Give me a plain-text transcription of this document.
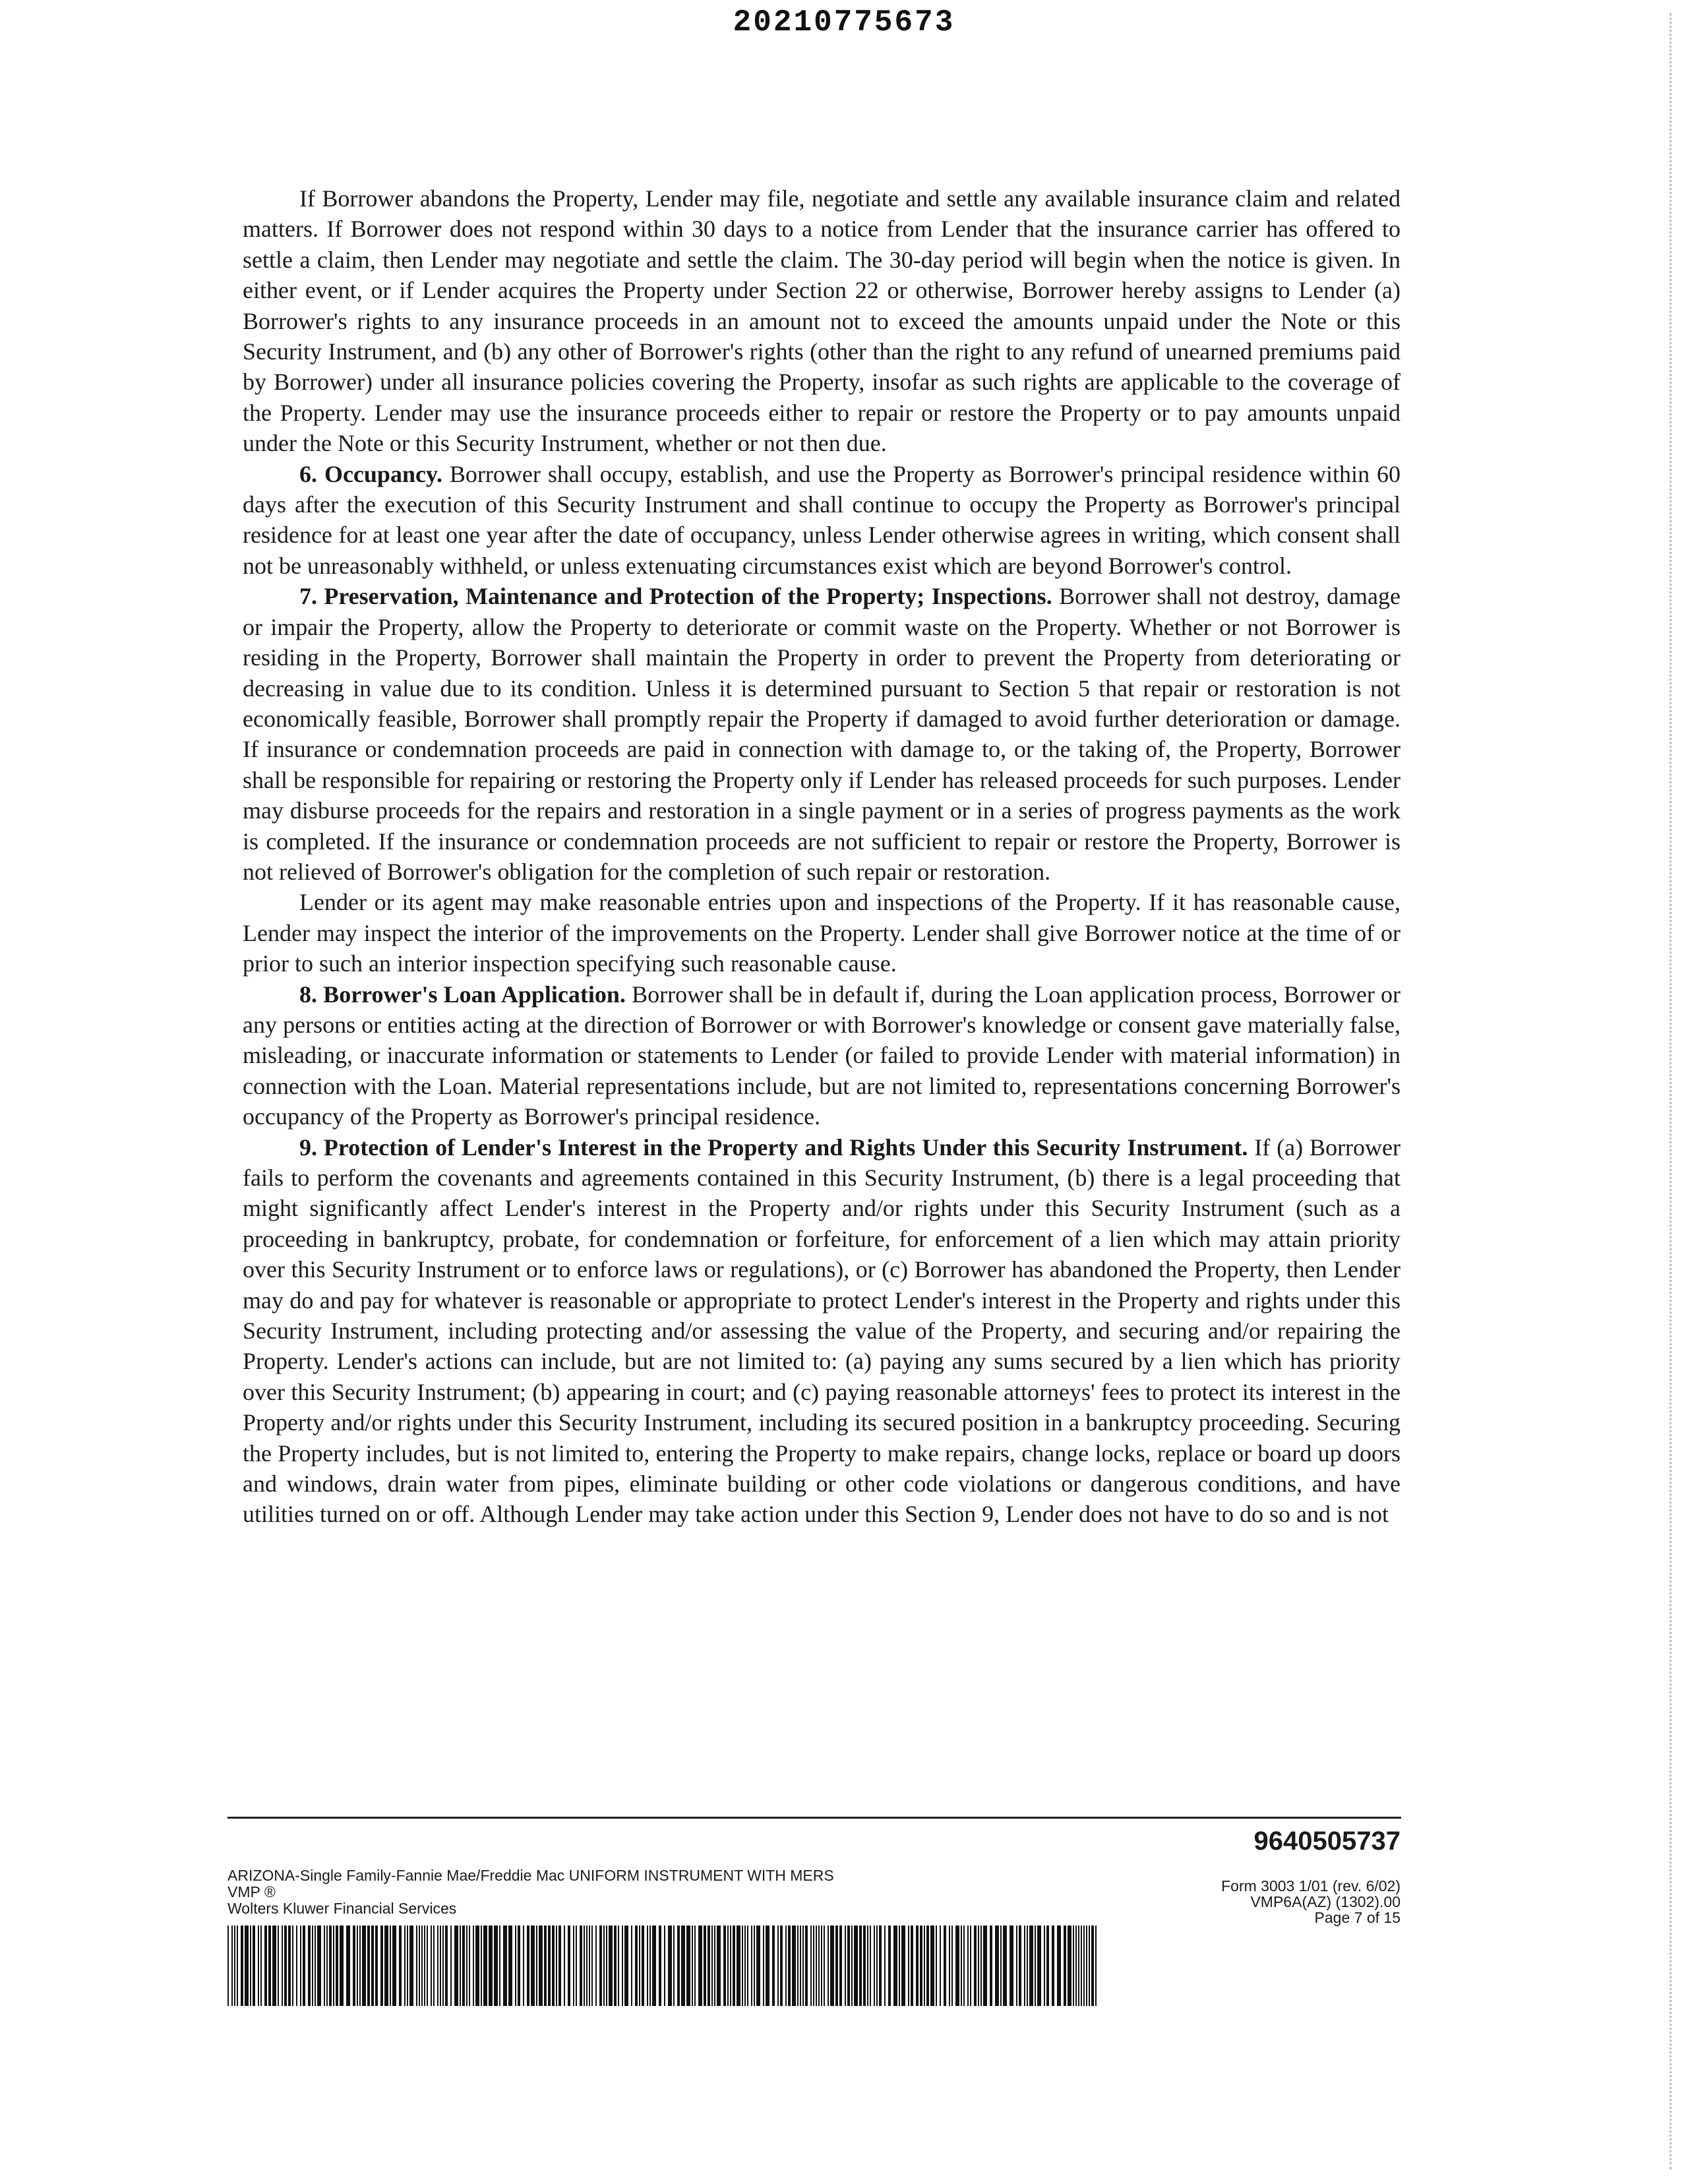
20210775673

If Borrower abandons the Property, Lender may file, negotiate and settle any available insurance claim and related matters. If Borrower does not respond within 30 days to a notice from Lender that the insurance carrier has offered to settle a claim, then Lender may negotiate and settle the claim. The 30-day period will begin when the notice is given. In either event, or if Lender acquires the Property under Section 22 or otherwise, Borrower hereby assigns to Lender (a) Borrower's rights to any insurance proceeds in an amount not to exceed the amounts unpaid under the Note or this Security Instrument, and (b) any other of Borrower's rights (other than the right to any refund of unearned premiums paid by Borrower) under all insurance policies covering the Property, insofar as such rights are applicable to the coverage of the Property. Lender may use the insurance proceeds either to repair or restore the Property or to pay amounts unpaid under the Note or this Security Instrument, whether or not then due.

6. Occupancy. Borrower shall occupy, establish, and use the Property as Borrower's principal residence within 60 days after the execution of this Security Instrument and shall continue to occupy the Property as Borrower's principal residence for at least one year after the date of occupancy, unless Lender otherwise agrees in writing, which consent shall not be unreasonably withheld, or unless extenuating circumstances exist which are beyond Borrower's control.

7. Preservation, Maintenance and Protection of the Property; Inspections. Borrower shall not destroy, damage or impair the Property, allow the Property to deteriorate or commit waste on the Property. Whether or not Borrower is residing in the Property, Borrower shall maintain the Property in order to prevent the Property from deteriorating or decreasing in value due to its condition. Unless it is determined pursuant to Section 5 that repair or restoration is not economically feasible, Borrower shall promptly repair the Property if damaged to avoid further deterioration or damage. If insurance or condemnation proceeds are paid in connection with damage to, or the taking of, the Property, Borrower shall be responsible for repairing or restoring the Property only if Lender has released proceeds for such purposes. Lender may disburse proceeds for the repairs and restoration in a single payment or in a series of progress payments as the work is completed. If the insurance or condemnation proceeds are not sufficient to repair or restore the Property, Borrower is not relieved of Borrower's obligation for the completion of such repair or restoration.

Lender or its agent may make reasonable entries upon and inspections of the Property. If it has reasonable cause, Lender may inspect the interior of the improvements on the Property. Lender shall give Borrower notice at the time of or prior to such an interior inspection specifying such reasonable cause.

8. Borrower's Loan Application. Borrower shall be in default if, during the Loan application process, Borrower or any persons or entities acting at the direction of Borrower or with Borrower's knowledge or consent gave materially false, misleading, or inaccurate information or statements to Lender (or failed to provide Lender with material information) in connection with the Loan. Material representations include, but are not limited to, representations concerning Borrower's occupancy of the Property as Borrower's principal residence.

9. Protection of Lender's Interest in the Property and Rights Under this Security Instrument. If (a) Borrower fails to perform the covenants and agreements contained in this Security Instrument, (b) there is a legal proceeding that might significantly affect Lender's interest in the Property and/or rights under this Security Instrument (such as a proceeding in bankruptcy, probate, for condemnation or forfeiture, for enforcement of a lien which may attain priority over this Security Instrument or to enforce laws or regulations), or (c) Borrower has abandoned the Property, then Lender may do and pay for whatever is reasonable or appropriate to protect Lender's interest in the Property and rights under this Security Instrument, including protecting and/or assessing the value of the Property, and securing and/or repairing the Property. Lender's actions can include, but are not limited to: (a) paying any sums secured by a lien which has priority over this Security Instrument; (b) appearing in court; and (c) paying reasonable attorneys' fees to protect its interest in the Property and/or rights under this Security Instrument, including its secured position in a bankruptcy proceeding. Securing the Property includes, but is not limited to, entering the Property to make repairs, change locks, replace or board up doors and windows, drain water from pipes, eliminate building or other code violations or dangerous conditions, and have utilities turned on or off. Although Lender may take action under this Section 9, Lender does not have to do so and is not

9640505737
ARIZONA-Single Family-Fannie Mae/Freddie Mac UNIFORM INSTRUMENT WITH MERS
VMP ®
Wolters Kluwer Financial Services
Form 3003 1/01 (rev. 6/02)
VMP6A(AZ) (1302).00
Page 7 of 15
